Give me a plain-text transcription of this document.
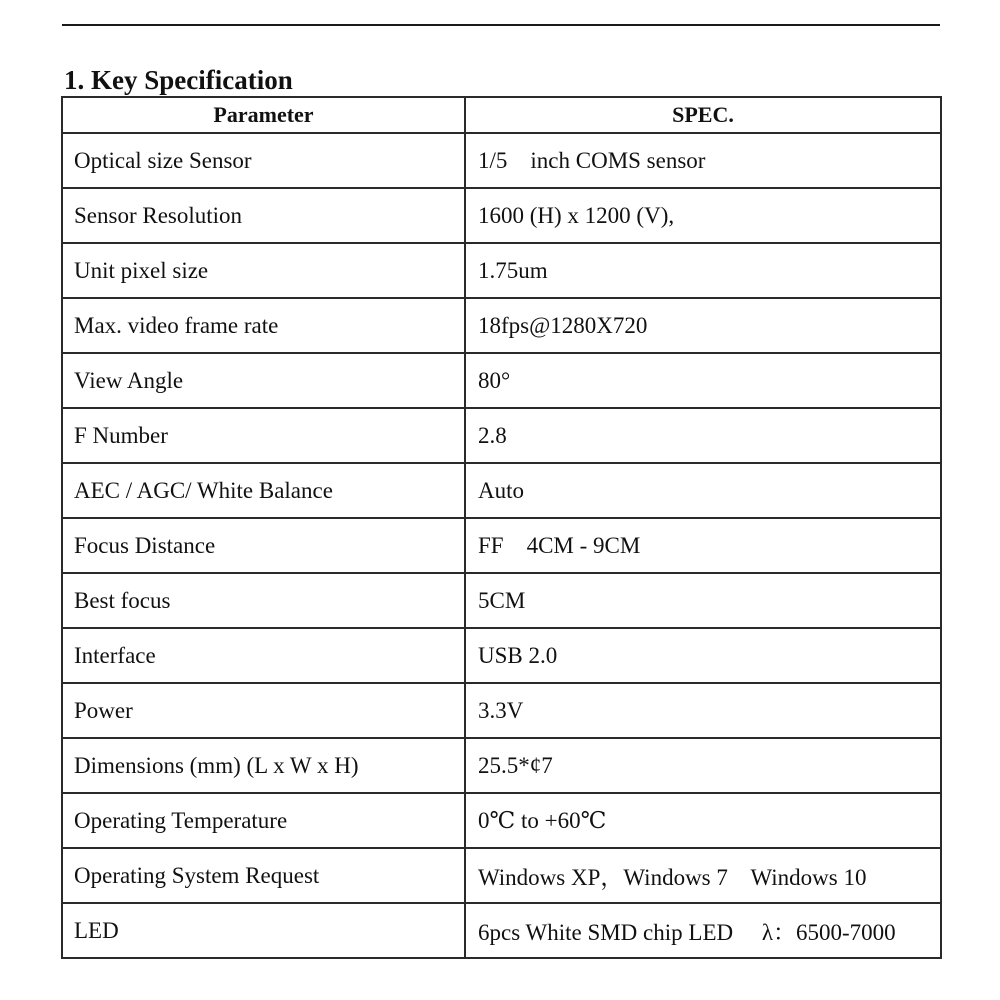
1. Key Specification
Parameter	SPEC.
Optical size Sensor	1/5    inch COMS sensor
Sensor Resolution	1600 (H) x 1200 (V),
Unit pixel size	1.75um
Max. video frame rate	18fps@1280X720
View Angle	80°
F Number	2.8
AEC / AGC/ White Balance	Auto
Focus Distance	FF    4CM - 9CM
Best focus	5CM
Interface	USB 2.0
Power	3.3V
Dimensions (mm) (L x W x H)	25.5*¢7
Operating Temperature	0℃ to +60℃
Operating System Request	Windows XP，Windows 7    Windows 10
LED	6pcs White SMD chip LED     λ：6500-7000
